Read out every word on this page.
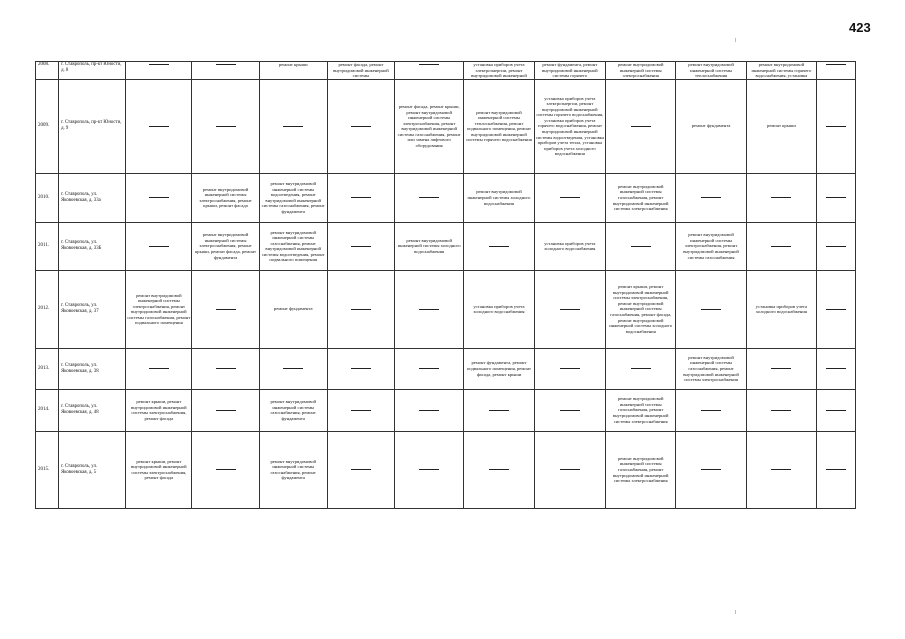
423
2008.	г. Ставрополь, пр-кт Юности, д. 8			ремонт крыши	ремонт фасада, ремонт внутридомовой инженерной системы		установка приборов учета электроэнергии, ремонт внутридомовой инженерной	ремонт фундамента, ремонт внутридомовой инженерной системы горячего	ремонт внутридомовой инженерной системы электроснабжения	ремонт внутридомовой инженерной системы теплоснабжения	ремонт внутридомовой инженерной системы горячего водоснабжения, установка	
2009.	г. Ставрополь, пр-кт Юности, д. 9					ремонт фасада, ремонт крыши, ремонт внутридомовой инженерной системы электроснабжения, ремонт внутридомовой инженерной системы газоснабжения, ремонт или замена лифтового оборудования	ремонт внутридомовой инженерной системы теплоснабжения, ремонт подвального помещения, ремонт внутридомовой инженерной системы горячего водоснабжения	установка приборов учета электроэнергии, ремонт внутридомовой инженерной системы горячего водоснабжения, установка приборов учета горячего водоснабжения, ремонт внутридомовой инженерной системы водоотведения, установка приборов учета тепла, установка приборов учета холодного водоснабжения		ремонт фундамента	ремонт крыши	
2010.	г. Ставрополь, ул. Яковоевская, д. 33а		ремонт внутридомовой инженерной системы электроснабжения, ремонт крыши, ремонт фасада	ремонт внутридомовой инженерной системы водоотведения, ремонт внутридомовой инженерной системы газоснабжения, ремонт фундамента			ремонт внутридомовой инженерной системы холодного водоснабжения		ремонт внутридомовой инженерной системы газоснабжения, ремонт внутридомовой инженерной системы электроснабжения			
2011.	г. Ставрополь, ул. Яковоевская, д. 33Б		ремонт внутридомовой инженерной системы электроснабжения, ремонт крыши, ремонт фасада, ремонт фундамента	ремонт внутридомовой инженерной системы газоснабжения, ремонт внутридомовой инженерной системы водоотведения, ремонт подвального помещения		ремонт внутридомовой инженерной системы холодного водоснабжения		установка приборов учета холодного водоснабжения		ремонт внутридомовой инженерной системы электроснабжения, ремонт внутридомовой инженерной системы газоснабжения		
2012.	г. Ставрополь, ул. Яковоевская, д. 37	ремонт внутридомовой инженерной системы электроснабжения, ремонт внутридомовой инженерной системы газоснабжения, ремонт подвального помещения		ремонт фундамента			установка приборов учета холодного водоснабжения		ремонт крыши, ремонт внутридомовой инженерной системы электроснабжения, ремонт внутридомовой инженерной системы газоснабжения, ремонт фасада, ремонт внутридомовой инженерной системы холодного водоснабжения		установка приборов учета холодного водоснабжения	
2013.	г. Ставрополь, ул. Яковоевская, д. 38						ремонт фундамента, ремонт подвального помещения, ремонт фасада, ремонт крыши			ремонт внутридомовой инженерной системы газоснабжения, ремонт внутридомовой инженерной системы электроснабжения		
2014.	г. Ставрополь, ул. Яковоевская, д. 48	ремонт крыши, ремонт внутридомовой инженерной системы электроснабжения, ремонт фасада		ремонт внутридомовой инженерной системы газоснабжения, ремонт фундамента					ремонт внутридомовой инженерной системы газоснабжения, ремонт внутридомовой инженерной системы электроснабжения			
2015.	г. Ставрополь, ул. Яковоевская, д. 5	ремонт крыши, ремонт внутридомовой инженерной системы электроснабжения, ремонт фасада		ремонт внутридомовой инженерной системы газоснабжения, ремонт фундамента					ремонт внутридомовой инженерной системы газоснабжения, ремонт внутридомовой инженерной системы электроснабжения			
